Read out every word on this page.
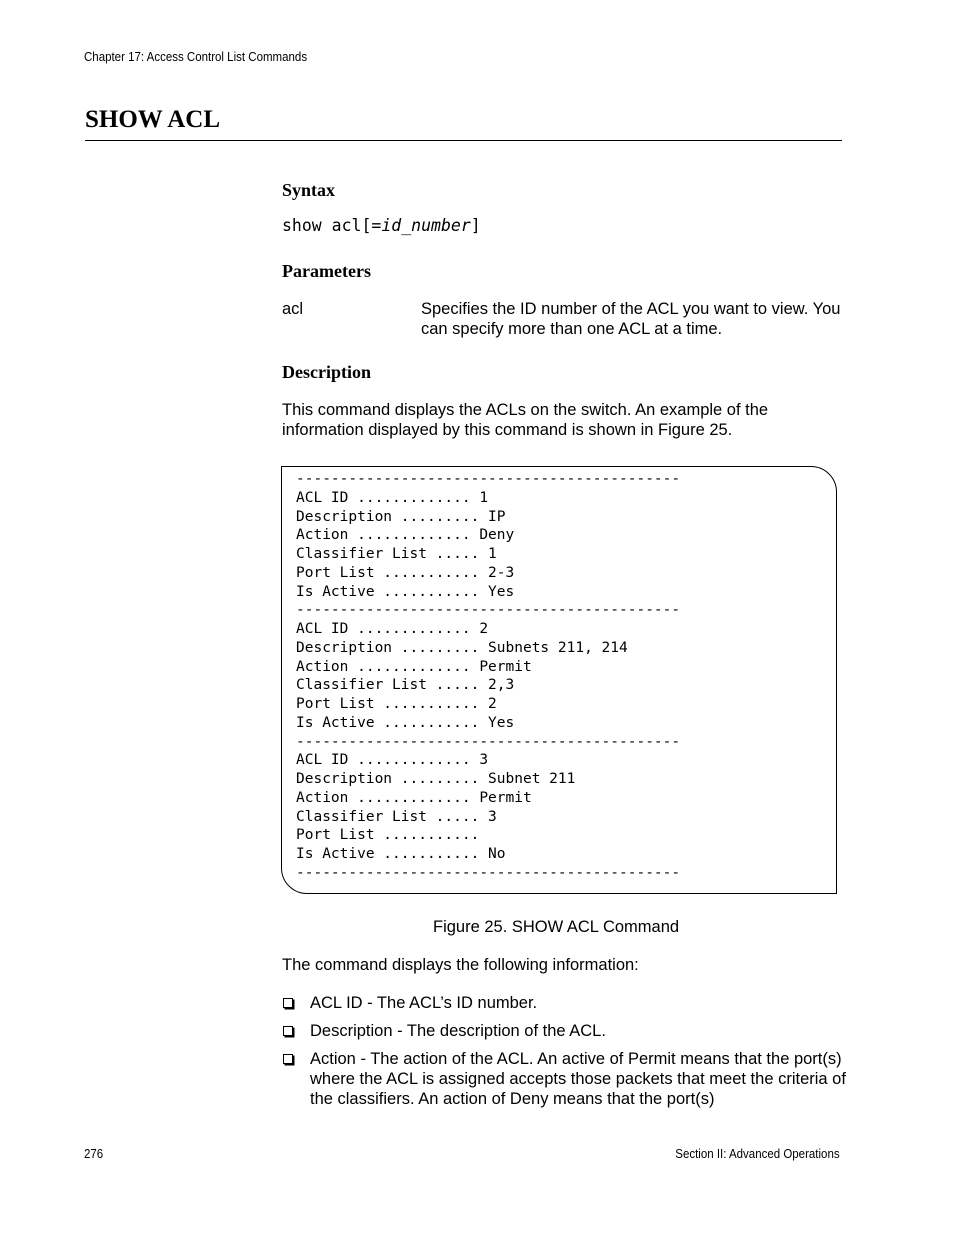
Chapter 17: Access Control List Commands
SHOW ACL
Syntax
show acl[=id_number]
Parameters
acl	Specifies the ID number of the ACL you want to view. You can specify more than one ACL at a time.
Description
This command displays the ACLs on the switch. An example of the information displayed by this command is shown in Figure 25.
--------------------------------------------
ACL ID ............. 1
Description ......... IP
Action ............. Deny
Classifier List ..... 1
Port List ........... 2-3
Is Active ........... Yes
--------------------------------------------
ACL ID ............. 2
Description ......... Subnets 211, 214
Action ............. Permit
Classifier List ..... 2,3
Port List ........... 2
Is Active ........... Yes
--------------------------------------------
ACL ID ............. 3
Description ......... Subnet 211
Action ............. Permit
Classifier List ..... 3
Port List ...........
Is Active ........... No
--------------------------------------------
Figure 25. SHOW ACL Command
The command displays the following information:
ACL ID - The ACL’s ID number.
Description - The description of the ACL.
Action - The action of the ACL. An active of Permit means that the port(s) where the ACL is assigned accepts those packets that meet the criteria of the classifiers. An action of Deny means that the port(s)
276	Section II: Advanced Operations
